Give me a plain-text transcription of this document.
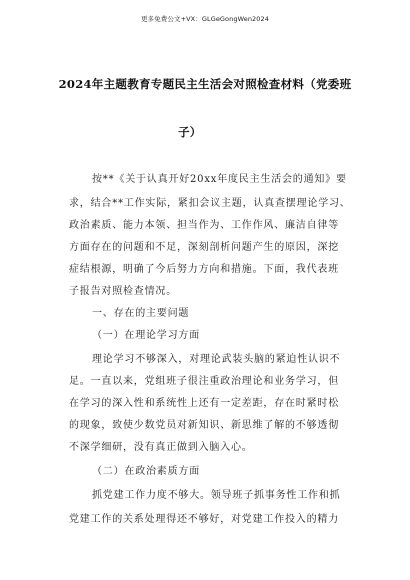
更多免费公文+VX：GLGeGongWen2024
2024年主题教育专题民主生活会对照检查材料（党委班
子）
按**《关于认真开好20xx年度民主生活会的通知》要
求，结合**工作实际，紧扣会议主题，认真查摆理论学习、
政治素质、能力本领、担当作为、工作作风、廉洁自律等
方面存在的问题和不足，深刻剖析问题产生的原因，深挖
症结根源，明确了今后努力方向和措施。下面，我代表班
子报告对照检查情况。
一、存在的主要问题
（一）在理论学习方面
理论学习不够深入，对理论武装头脑的紧迫性认识不
足。一直以来，党组班子很注重政治理论和业务学习，但
在学习的深入性和系统性上还有一定差距，存在时紧时松
的现象，致使少数党员对新知识、新思维了解的不够透彻
不深学细研，没有真正做到入脑入心。
（二）在政治素质方面
抓党建工作力度不够大。领导班子抓事务性工作和抓
党建工作的关系处理得还不够好，对党建工作投入的精力
